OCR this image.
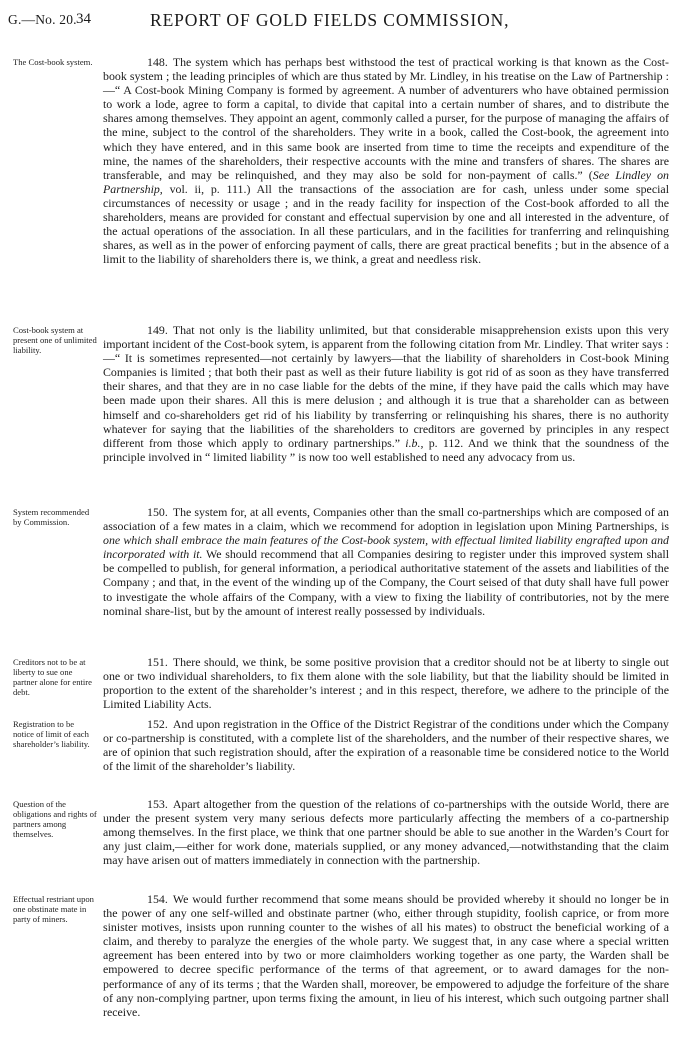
G.—No. 20. 34	REPORT OF GOLD FIELDS COMMISSION,
The Cost-book system.	148. The system which has perhaps best withstood the test of practical working is that known as the Cost-book system ; the leading principles of which are thus stated by Mr. Lindley, in his treatise on the Law of Partnership :—“ A Cost-book Mining Company is formed by agreement. A number of adventurers who have obtained permission to work a lode, agree to form a capital, to divide that capital into a certain number of shares, and to distribute the shares among themselves. They appoint an agent, commonly called a purser, for the purpose of managing the affairs of the mine, subject to the control of the shareholders. They write in a book, called the Cost-book, the agreement into which they have entered, and in this same book are inserted from time to time the receipts and expenditure of the mine, the names of the shareholders, their respective accounts with the mine and transfers of shares. The shares are transferable, and may be relinquished, and they may also be sold for non-payment of calls.” (See Lindley on Partnership, vol. ii, p. 111.) All the transactions of the association are for cash, unless under some special circumstances of necessity or usage ; and in the ready facility for inspection of the Cost-book afforded to all the shareholders, means are provided for constant and effectual supervision by one and all interested in the adventure, of the actual operations of the association. In all these particulars, and in the facilities for tranferring and relinquishing shares, as well as in the power of enforcing payment of calls, there are great practical benefits ; but in the absence of a limit to the liability of shareholders there is, we think, a great and needless risk.
Cost-book system at present one of unlimited liability.
149. That not only is the liability unlimited, but that considerable misapprehension exists upon this very important incident of the Cost-book sytem, is apparent from the following citation from Mr. Lindley. That writer says :—“ It is sometimes represented—not certainly by lawyers—that the liability of shareholders in Cost-book Mining Companies is limited ; that both their past as well as their future liability is got rid of as soon as they have transferred their shares, and that they are in no case liable for the debts of the mine, if they have paid the calls which may have been made upon their shares. All this is mere delusion ; and although it is true that a shareholder can as between himself and co-shareholders get rid of his liability by transferring or relinquishing his shares, there is no authority whatever for saying that the liabilities of the shareholders to creditors are governed by principles in any respect different from those which apply to ordinary partnerships.” i.b., p. 112. And we think that the soundness of the principle involved in “ limited liability ” is now too well established to need any advocacy from us.
System recommended by Commission.
150. The system for, at all events, Companies other than the small co-partnerships which are composed of an association of a few mates in a claim, which we recommend for adoption in legislation upon Mining Partnerships, is one which shall embrace the main features of the Cost-book system, with effectual limited liability engrafted upon and incorporated with it. We should recommend that all Companies desiring to register under this improved system shall be compelled to publish, for general information, a periodical authoritative statement of the assets and liabilities of the Company ; and that, in the event of the winding up of the Company, the Court seised of that duty shall have full power to investigate the whole affairs of the Company, with a view to fixing the liability of contributories, not by the mere nominal share-list, but by the amount of interest really possessed by individuals.
Creditors not to be at liberty to sue one partner alone for entire debt.
151. There should, we think, be some positive provision that a creditor should not be at liberty to single out one or two individual shareholders, to fix them alone with the sole liability, but that the liability should be limited in proportion to the extent of the shareholder’s interest ; and in this respect, therefore, we adhere to the principle of the Limited Liability Acts.
Registration to be notice of limit of each shareholder’s liability.
152. And upon registration in the Office of the District Registrar of the conditions under which the Company or co-partnership is constituted, with a complete list of the shareholders, and the number of their respective shares, we are of opinion that such registration should, after the expiration of a reasonable time be considered notice to the World of the limit of the shareholder’s liability.
Question of the obligations and rights of partners among themselves.
153. Apart altogether from the question of the relations of co-partnerships with the outside World, there are under the present system very many serious defects more particularly affecting the members of a co-partnership among themselves. In the first place, we think that one partner should be able to sue another in the Warden’s Court for any just claim,—either for work done, materials supplied, or any money advanced,—notwithstanding that the claim may have arisen out of matters immediately in connection with the partnership.
Effectual restriant upon one obstinate mate in party of miners.
154. We would further recommend that some means should be provided whereby it should no longer be in the power of any one self-willed and obstinate partner (who, either through stupidity, foolish caprice, or from more sinister motives, insists upon running counter to the wishes of all his mates) to obstruct the beneficial working of a claim, and thereby to paralyze the energies of the whole party. We suggest that, in any case where a special written agreement has been entered into by two or more claimholders working together as one party, the Warden shall be empowered to decree specific performance of the terms of that agreement, or to award damages for the non-performance of any of its terms ; that the Warden shall, moreover, be empowered to adjudge the forfeiture of the share of any non-complying partner, upon terms fixing the amount, in lieu of his interest, which such outgoing partner shall receive.
